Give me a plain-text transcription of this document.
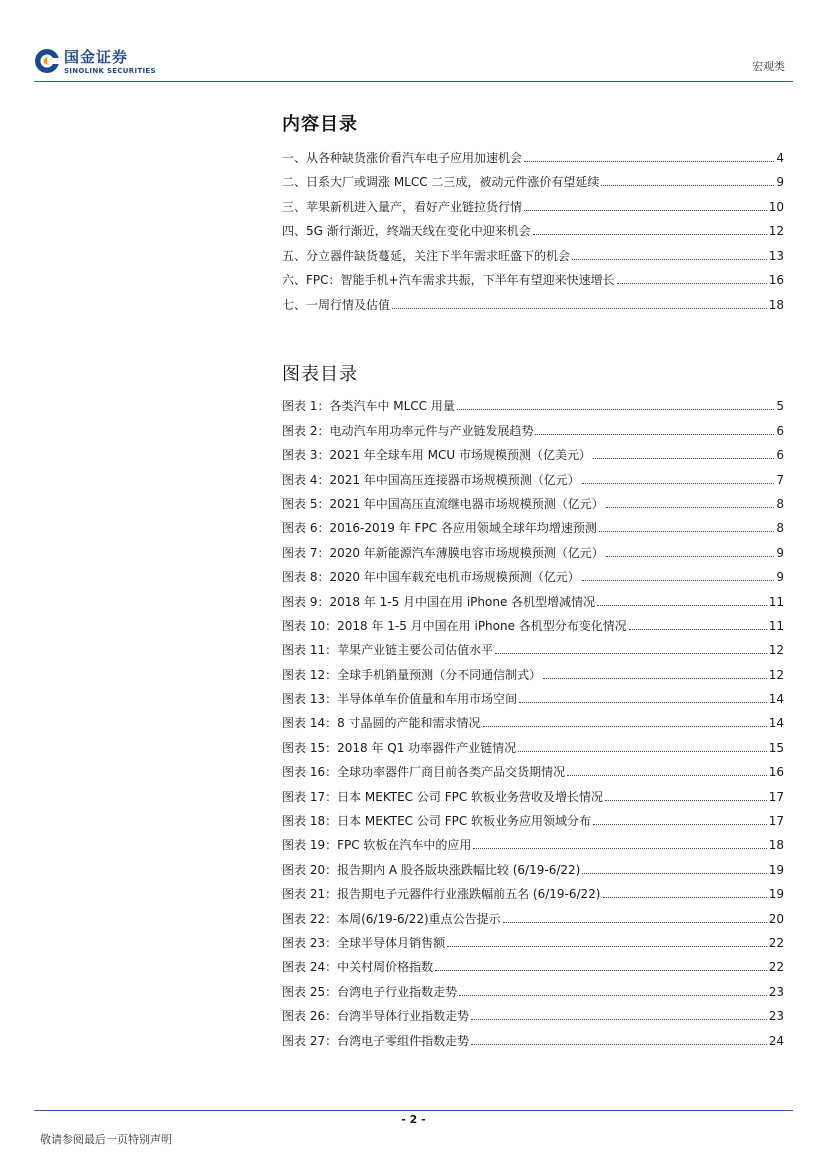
国金证券
SINOLINK SECURITIES	宏观类
内容目录
一、从各种缺货涨价看汽车电子应用加速机会	4
二、日系大厂或调涨 MLCC 二三成，被动元件涨价有望延续	9
三、苹果新机进入量产，看好产业链拉货行情	10
四、5G 渐行渐近，终端天线在变化中迎来机会	12
五、分立器件缺货蔓延，关注下半年需求旺盛下的机会	13
六、FPC：智能手机+汽车需求共振，下半年有望迎来快速增长	16
七、一周行情及估值	18
图表目录
图表 1：各类汽车中 MLCC 用量	5
图表 2：电动汽车用功率元件与产业链发展趋势	6
图表 3：2021 年全球车用 MCU 市场规模预测（亿美元）	6
图表 4：2021 年中国高压连接器市场规模预测（亿元）	7
图表 5：2021 年中国高压直流继电器市场规模预测（亿元）	8
图表 6：2016-2019 年 FPC 各应用领域全球年均增速预测	8
图表 7：2020 年新能源汽车薄膜电容市场规模预测（亿元）	9
图表 8：2020 年中国车载充电机市场规模预测（亿元）	9
图表 9：2018 年 1-5 月中国在用 iPhone 各机型增减情况	11
图表 10：2018 年 1-5 月中国在用 iPhone 各机型分布变化情况	11
图表 11：苹果产业链主要公司估值水平	12
图表 12：全球手机销量预测（分不同通信制式）	12
图表 13：半导体单车价值量和车用市场空间	14
图表 14：8 寸晶圆的产能和需求情况	14
图表 15：2018 年 Q1 功率器件产业链情况	15
图表 16：全球功率器件厂商目前各类产品交货期情况	16
图表 17：日本 MEKTEC 公司 FPC 软板业务营收及增长情况	17
图表 18：日本 MEKTEC 公司 FPC 软板业务应用领域分布	17
图表 19：FPC 软板在汽车中的应用	18
图表 20：报告期内 A 股各版块涨跌幅比较 (6/19-6/22)	19
图表 21：报告期电子元器件行业涨跌幅前五名 (6/19-6/22)	19
图表 22：本周(6/19-6/22)重点公告提示	20
图表 23：全球半导体月销售额	22
图表 24：中关村周价格指数	22
图表 25：台湾电子行业指数走势	23
图表 26：台湾半导体行业指数走势	23
图表 27：台湾电子零组件指数走势	24
- 2 -
敬请参阅最后一页特别声明
